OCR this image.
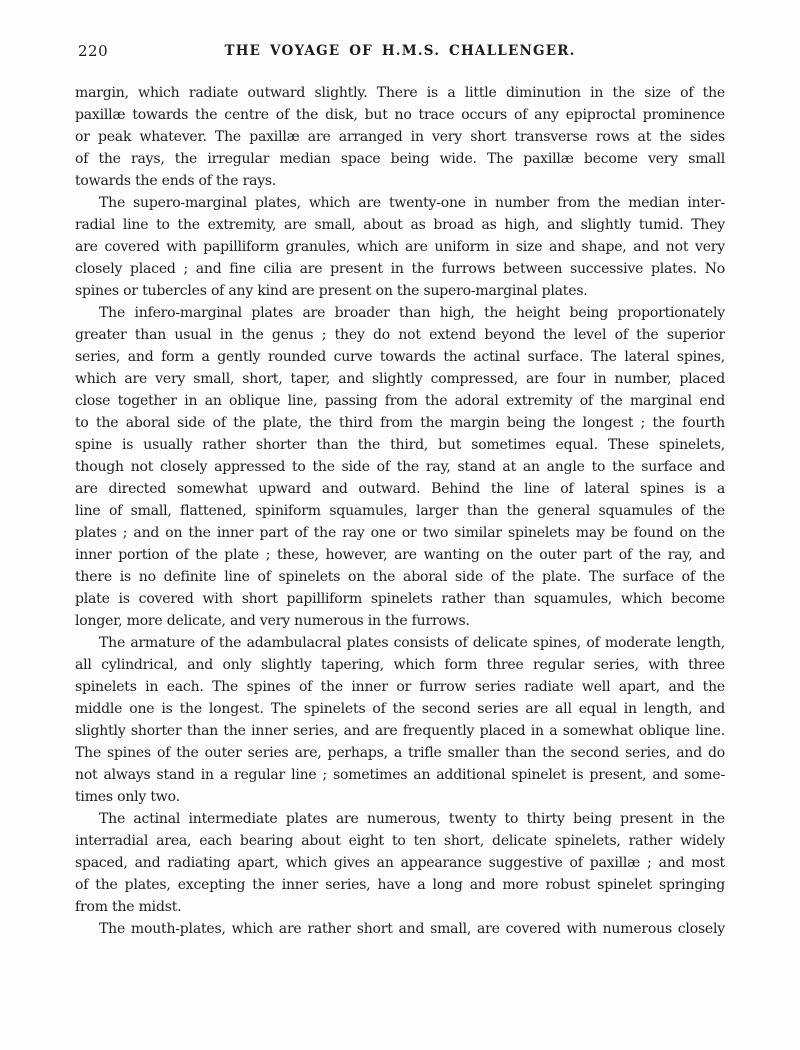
220	THE VOYAGE OF H.M.S. CHALLENGER.
margin, which radiate outward slightly. There is a little diminution in the size of the
paxillæ towards the centre of the disk, but no trace occurs of any epiproctal prominence
or peak whatever. The paxillæ are arranged in very short transverse rows at the sides
of the rays, the irregular median space being wide. The paxillæ become very small
towards the ends of the rays.
The supero-marginal plates, which are twenty-one in number from the median inter-
radial line to the extremity, are small, about as broad as high, and slightly tumid. They
are covered with papilliform granules, which are uniform in size and shape, and not very
closely placed ; and fine cilia are present in the furrows between successive plates. No
spines or tubercles of any kind are present on the supero-marginal plates.
The infero-marginal plates are broader than high, the height being proportionately
greater than usual in the genus ; they do not extend beyond the level of the superior
series, and form a gently rounded curve towards the actinal surface. The lateral spines,
which are very small, short, taper, and slightly compressed, are four in number, placed
close together in an oblique line, passing from the adoral extremity of the marginal end
to the aboral side of the plate, the third from the margin being the longest ; the fourth
spine is usually rather shorter than the third, but sometimes equal. These spinelets,
though not closely appressed to the side of the ray, stand at an angle to the surface and
are directed somewhat upward and outward. Behind the line of lateral spines is a
line of small, flattened, spiniform squamules, larger than the general squamules of the
plates ; and on the inner part of the ray one or two similar spinelets may be found on the
inner portion of the plate ; these, however, are wanting on the outer part of the ray, and
there is no definite line of spinelets on the aboral side of the plate. The surface of the
plate is covered with short papilliform spinelets rather than squamules, which become
longer, more delicate, and very numerous in the furrows.
The armature of the adambulacral plates consists of delicate spines, of moderate length,
all cylindrical, and only slightly tapering, which form three regular series, with three
spinelets in each. The spines of the inner or furrow series radiate well apart, and the
middle one is the longest. The spinelets of the second series are all equal in length, and
slightly shorter than the inner series, and are frequently placed in a somewhat oblique line.
The spines of the outer series are, perhaps, a trifle smaller than the second series, and do
not always stand in a regular line ; sometimes an additional spinelet is present, and some-
times only two.
The actinal intermediate plates are numerous, twenty to thirty being present in the
interradial area, each bearing about eight to ten short, delicate spinelets, rather widely
spaced, and radiating apart, which gives an appearance suggestive of paxillæ ; and most
of the plates, excepting the inner series, have a long and more robust spinelet springing
from the midst.
The mouth-plates, which are rather short and small, are covered with numerous closely
